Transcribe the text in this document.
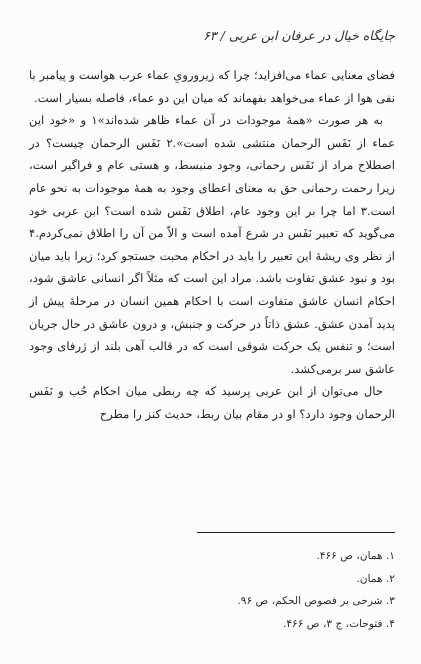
جایگاه خیال در عرفان ابن عربی / ۶۳

فضای معنایی عماء می‌افزاید؛ چرا که زیرورویِ عماء عرب هواست و پیامبر با نفی هوا از عماء می‌خواهد بفهماند که میان این دو عماء، فاصله بسیار است.

به هر صورت «همهٔ موجودات در آن عماء ظاهر شده‌اند»۱ و «خود این عماء از نَفَس الرحمان منتشی شده است».۲ نَفَس الرحمان چیست؟ در اصطلاح مراد از نَفَس رحمانی، وجود منبسط، و هستی عام و فراگیر است، زیرا رحمت رحمانی حق به معنای اعطای وجود به همهٔ موجودات به نحو عام است.۳ اما چرا بر این وجود عام، اطلاق نَفَس شده است؟ ابن عربی خود می‌گوید که تعبیر نَفَس در شرع آمده است و الاّ من آن را اطلاق نمی‌کردم.۴ از نظر وی ریشهٔ این تعبیر را باید در احکام محبت جستجو کرد؛ زیرا باید میان بود و نبود عشق تفاوت باشد. مراد این است که مثلاً اگر انسانی عاشق شود، احکام انسان عاشق متفاوت است با احکام همین انسان در مرحلهٔ پیش از پدید آمدن عشق. عشق ذاتاً در حرکت و جنبش، و درون عاشق در حال جریان است؛ و تنفس یک حرکت شوقی است که در قالب آهی بلند از ژرفای وجود عاشق سر برمی‌کشد.

حال می‌توان از ابن عربی پرسید که چه ربطی میان احکام حُب و نَفَس الرحمان وجود دارد؟ او در مقام بیان ربط، حدیث کنز را مطرح

۱. همان، ص ۴۶۶.
۲. همان.
۳. شرحی بر فصوص الحکم، ص ۹۶.
۴. فتوحات، ج ۳، ص ۴۶۶.
